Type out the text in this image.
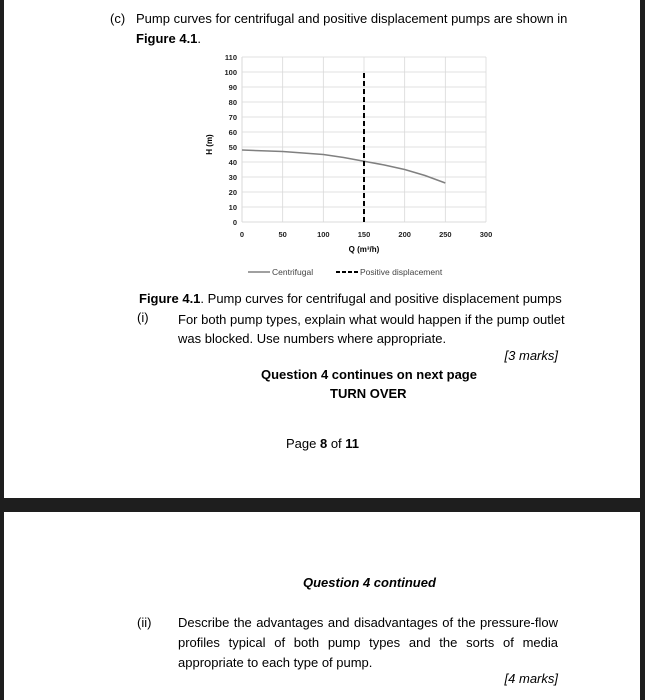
(c) Pump curves for centrifugal and positive displacement pumps are shown in
Figure 4.1.
0
10
20
30
40
50
60
70
80
90
100
110
0	50	100	150	200	250	300
H (m)
Q (m³/h)
Centrifugal	Positive displacement
Figure 4.1. Pump curves for centrifugal and positive displacement pumps
(i) For both pump types, explain what would happen if the pump outlet was blocked. Use numbers where appropriate.
[3 marks]
Question 4 continues on next page
TURN OVER
Page 8 of 11
Question 4 continued
(ii) Describe the advantages and disadvantages of the pressure-flow profiles typical of both pump types and the sorts of media appropriate to each type of pump.
[4 marks]
